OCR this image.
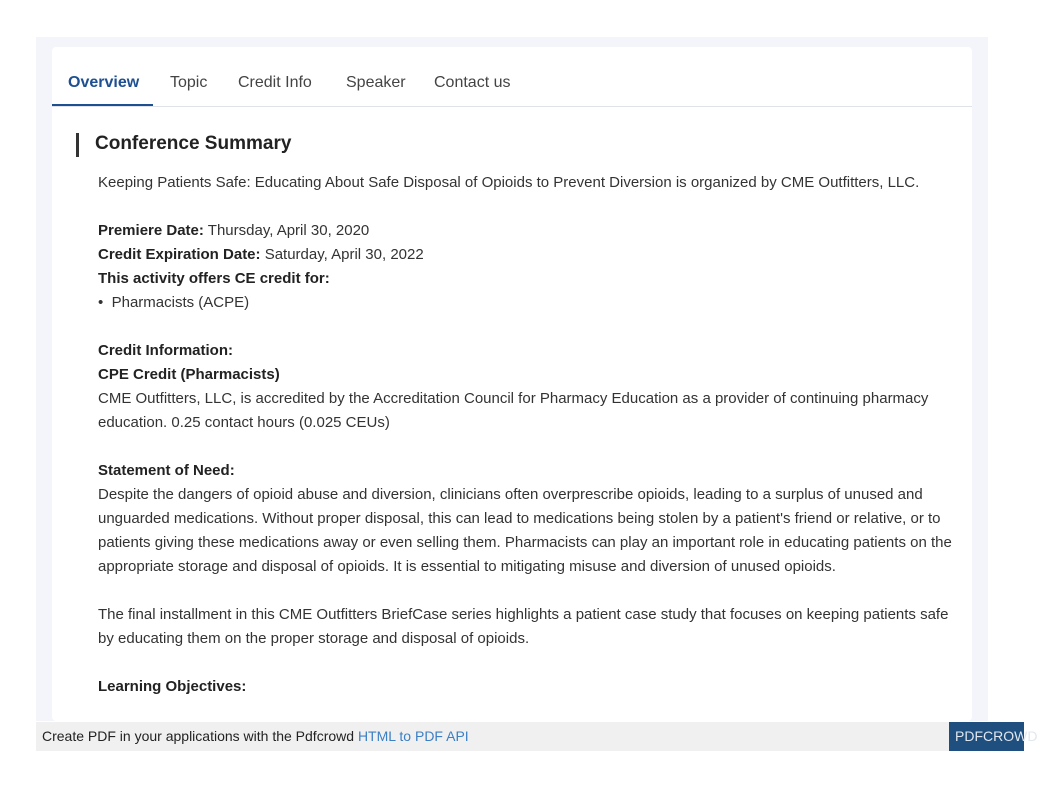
Overview Topic Credit Info Speaker Contact us
Conference Summary

Keeping Patients Safe: Educating About Safe Disposal of Opioids to Prevent Diversion is organized by CME Outfitters, LLC.

Premiere Date: Thursday, April 30, 2020
Credit Expiration Date: Saturday, April 30, 2022
This activity offers CE credit for:
•  Pharmacists (ACPE)

Credit Information:
CPE Credit (Pharmacists)
CME Outfitters, LLC, is accredited by the Accreditation Council for Pharmacy Education as a provider of continuing pharmacy
education. 0.25 contact hours (0.025 CEUs)

Statement of Need:
Despite the dangers of opioid abuse and diversion, clinicians often overprescribe opioids, leading to a surplus of unused and
unguarded medications. Without proper disposal, this can lead to medications being stolen by a patient's friend or relative, or to
patients giving these medications away or even selling them. Pharmacists can play an important role in educating patients on the
appropriate storage and disposal of opioids. It is essential to mitigating misuse and diversion of unused opioids.

The final installment in this CME Outfitters BriefCase series highlights a patient case study that focuses on keeping patients safe
by educating them on the proper storage and disposal of opioids.

Learning Objectives:

Create PDF in your applications with the Pdfcrowd HTML to PDF API	PDFCROWD
